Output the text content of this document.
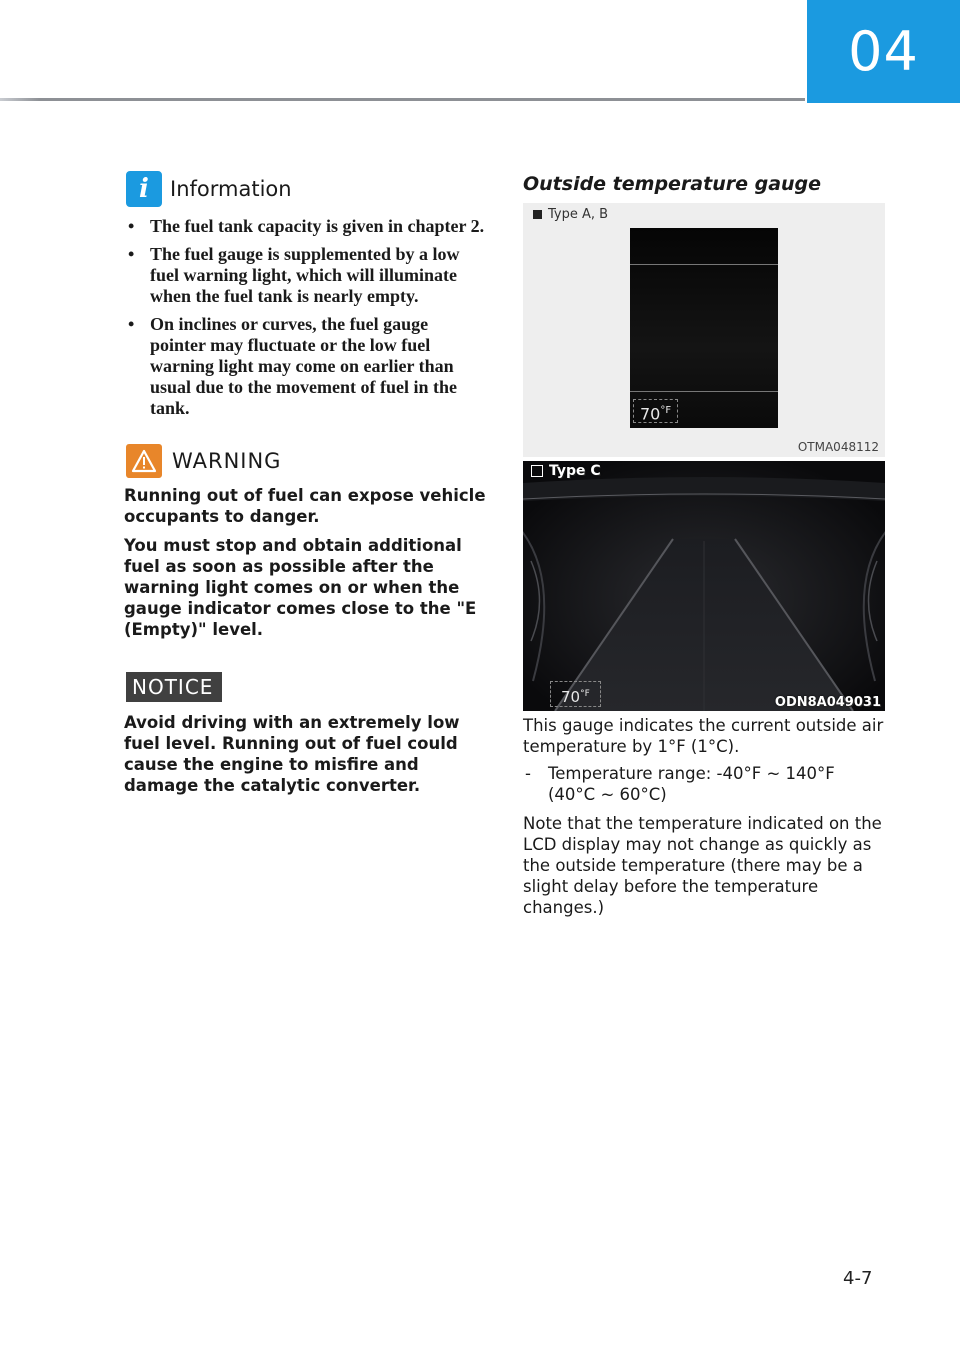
04
i	Information
• The fuel tank capacity is given in chapter 2.
• The fuel gauge is supplemented by a low fuel warning light, which will illuminate when the fuel tank is nearly empty.
• On inclines or curves, the fuel gauge pointer may fluctuate or the low fuel warning light may come on earlier than usual due to the movement of fuel in the tank.
WARNING

Running out of fuel can expose vehicle occupants to danger.

You must stop and obtain additional fuel as soon as possible after the warning light comes on or when the gauge indicator comes close to the "E (Empty)" level.

NOTICE

Avoid driving with an extremely low fuel level. Running out of fuel could cause the engine to misfire and damage the catalytic converter.

Outside temperature gauge
Type A, B
$70^{^\circ F}$
OTMA048112
Type C
$70^{^\circ F}$
ODN8A049031

This gauge indicates the current outside air temperature by 1°F (1°C).

- Temperature range: -40°F ~ 140°F (40°C ~ 60°C)

Note that the temperature indicated on the LCD display may not change as quickly as the outside temperature (there may be a slight delay before the temperature changes.)

4-7
